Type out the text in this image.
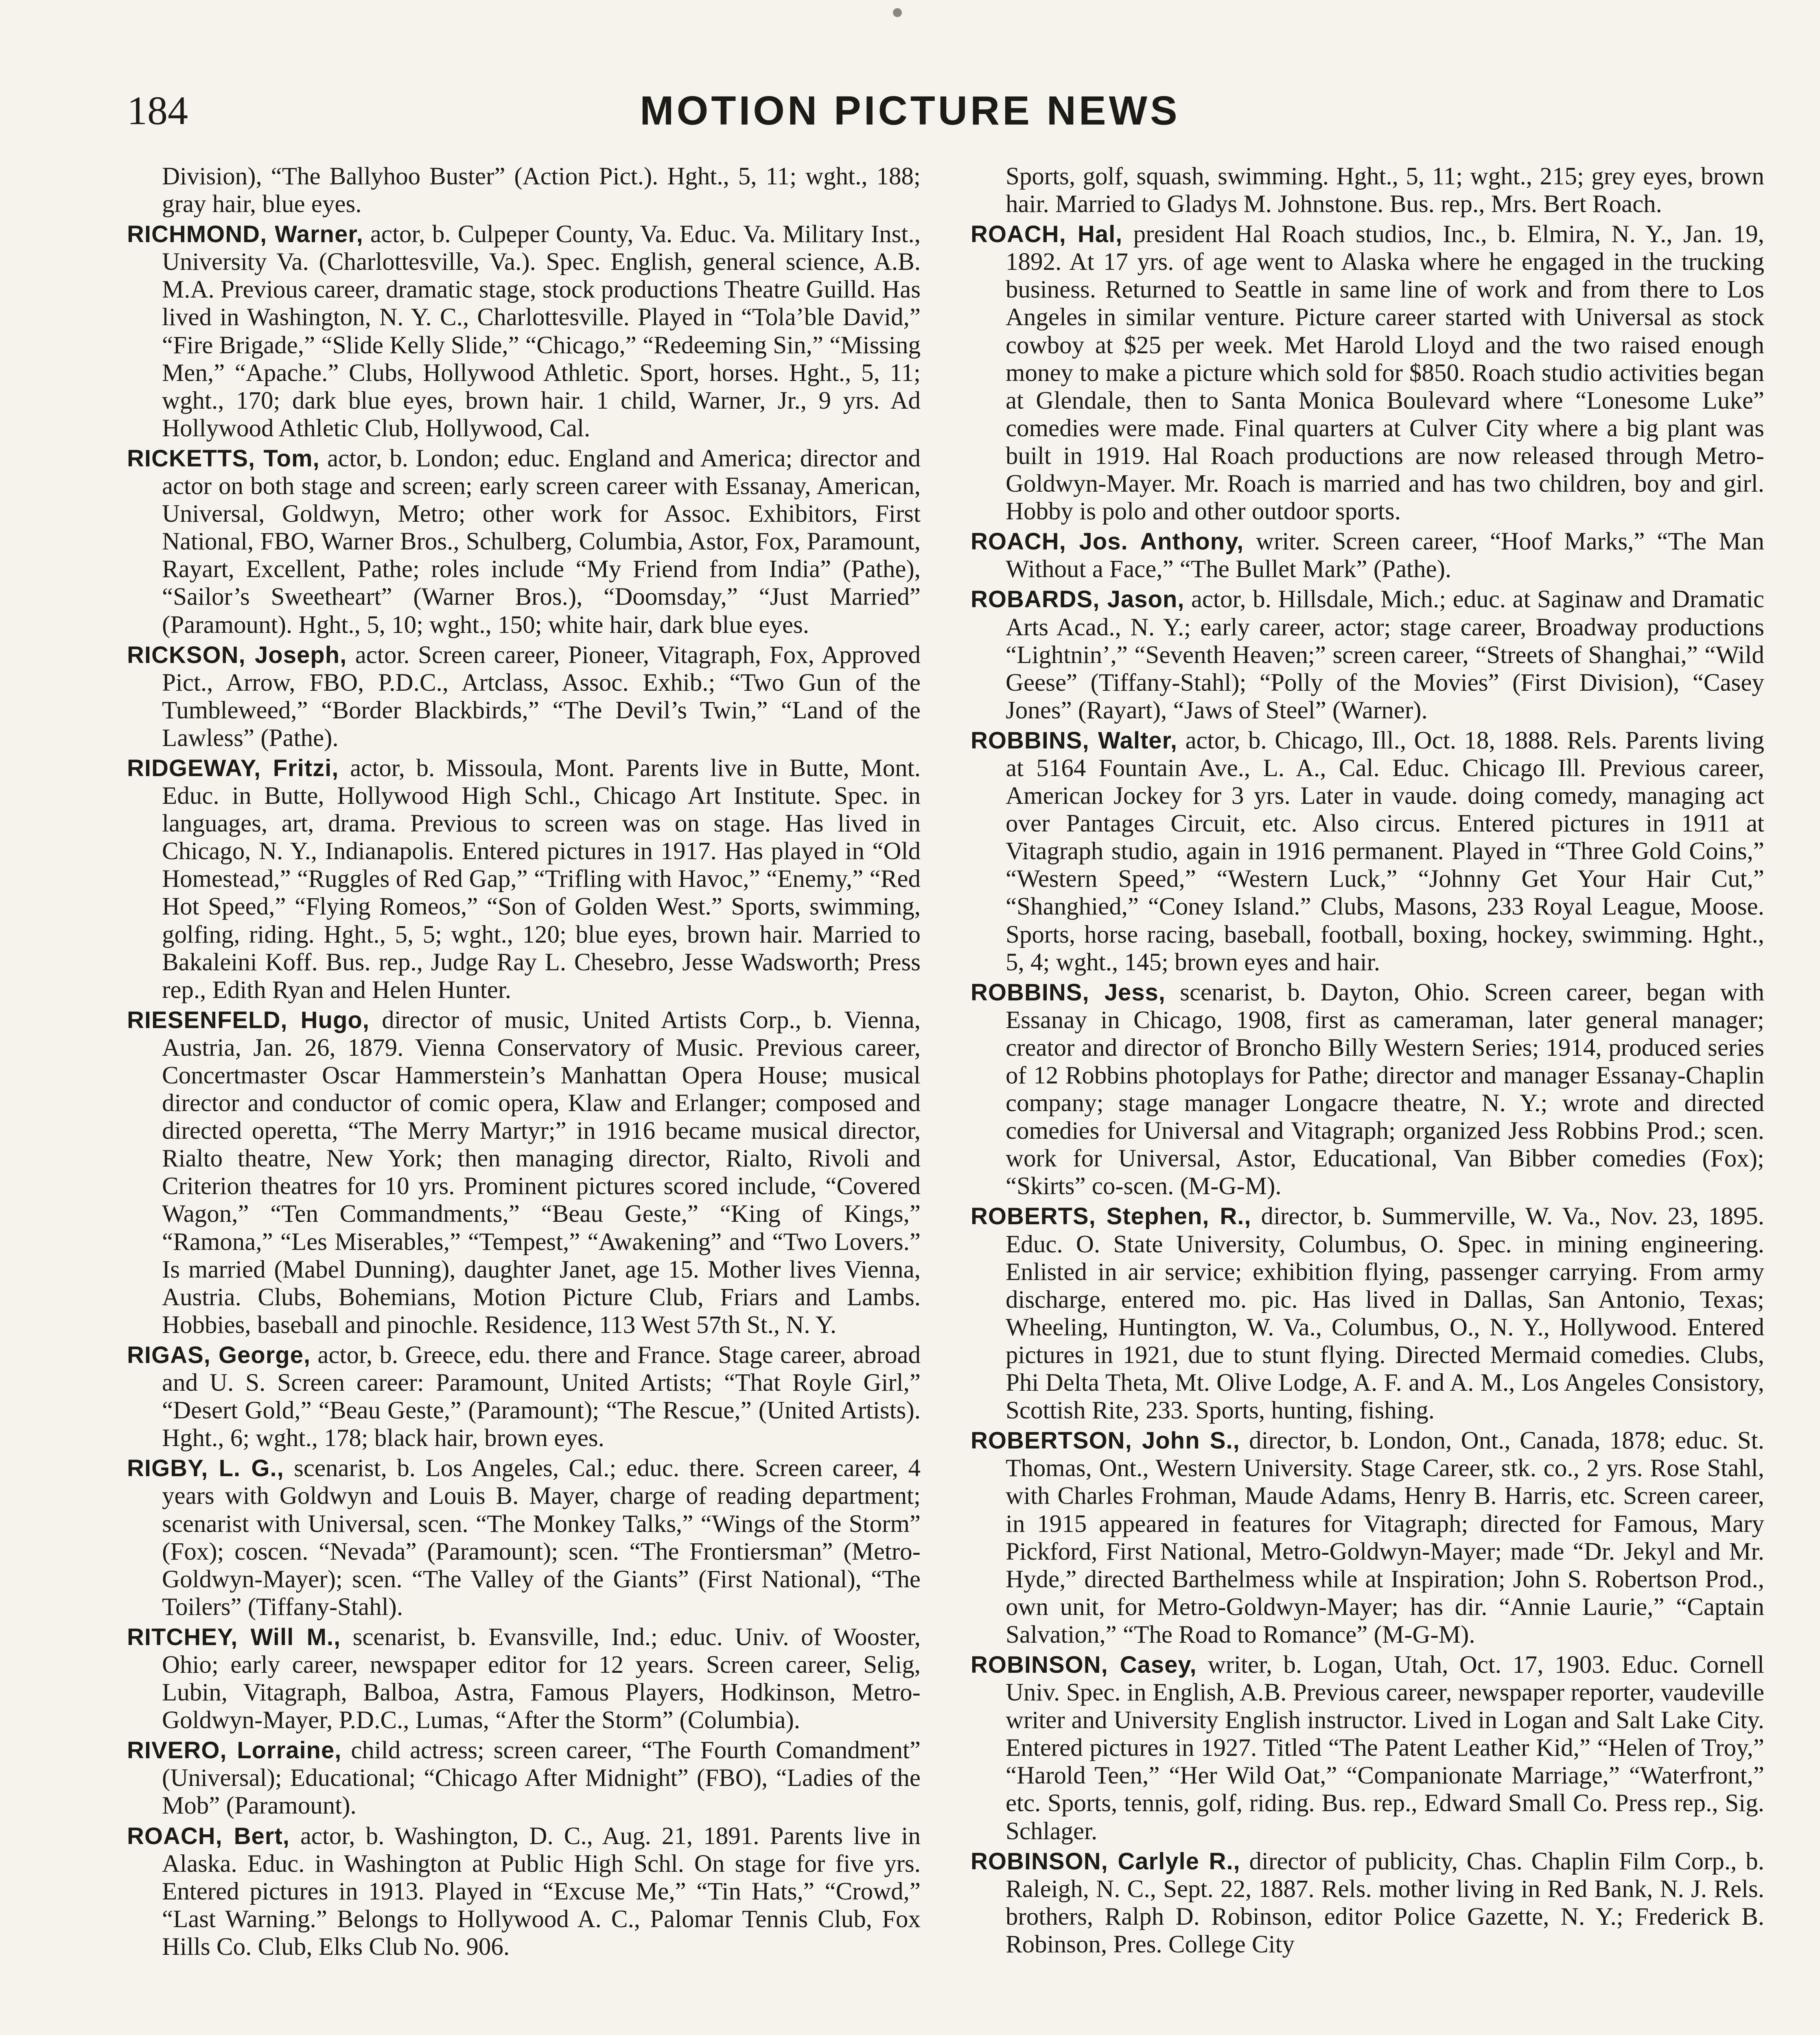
184	MOTION PICTURE NEWS

Division), “The Ballyhoo Buster” (Action Pict.). Hght., 5, 11; wght., 188; gray hair, blue eyes.

RICHMOND, Warner, actor, b. Culpeper County, Va. Educ. Va. Military Inst., University Va. (Charlottesville, Va.). Spec. English, general science, A.B. M.A. Previous career, dramatic stage, stock productions Theatre Guilld. Has lived in Washington, N. Y. C., Charlottesville. Played in “Tola’ble David,” “Fire Brigade,” “Slide Kelly Slide,” “Chicago,” “Redeeming Sin,” “Missing Men,” “Apache.” Clubs, Hollywood Athletic. Sport, horses. Hght., 5, 11; wght., 170; dark blue eyes, brown hair. 1 child, Warner, Jr., 9 yrs. Ad Hollywood Athletic Club, Hollywood, Cal.

RICKETTS, Tom, actor, b. London; educ. England and America; director and actor on both stage and screen; early screen career with Essanay, American, Universal, Goldwyn, Metro; other work for Assoc. Exhibitors, First National, FBO, Warner Bros., Schulberg, Columbia, Astor, Fox, Paramount, Rayart, Excellent, Pathe; roles include “My Friend from India” (Pathe), “Sailor’s Sweetheart” (Warner Bros.), “Doomsday,” “Just Married” (Paramount). Hght., 5, 10; wght., 150; white hair, dark blue eyes.

RICKSON, Joseph, actor. Screen career, Pioneer, Vitagraph, Fox, Approved Pict., Arrow, FBO, P.D.C., Artclass, Assoc. Exhib.; “Two Gun of the Tumbleweed,” “Border Blackbirds,” “The Devil’s Twin,” “Land of the Lawless” (Pathe).

RIDGEWAY, Fritzi, actor, b. Missoula, Mont. Parents live in Butte, Mont. Educ. in Butte, Hollywood High Schl., Chicago Art Institute. Spec. in languages, art, drama. Previous to screen was on stage. Has lived in Chicago, N. Y., Indianapolis. Entered pictures in 1917. Has played in “Old Homestead,” “Ruggles of Red Gap,” “Trifling with Havoc,” “Enemy,” “Red Hot Speed,” “Flying Romeos,” “Son of Golden West.” Sports, swimming, golfing, riding. Hght., 5, 5; wght., 120; blue eyes, brown hair. Married to Bakaleini Koff. Bus. rep., Judge Ray L. Chesebro, Jesse Wadsworth; Press rep., Edith Ryan and Helen Hunter.

RIESENFELD, Hugo, director of music, United Artists Corp., b. Vienna, Austria, Jan. 26, 1879. Vienna Conservatory of Music. Previous career, Concertmaster Oscar Hammerstein’s Manhattan Opera House; musical director and conductor of comic opera, Klaw and Erlanger; composed and directed operetta, “The Merry Martyr;” in 1916 became musical director, Rialto theatre, New York; then managing director, Rialto, Rivoli and Criterion theatres for 10 yrs. Prominent pictures scored include, “Covered Wagon,” “Ten Commandments,” “Beau Geste,” “King of Kings,” “Ramona,” “Les Miserables,” “Tempest,” “Awakening” and “Two Lovers.” Is married (Mabel Dunning), daughter Janet, age 15. Mother lives Vienna, Austria. Clubs, Bohemians, Motion Picture Club, Friars and Lambs. Hobbies, baseball and pinochle. Residence, 113 West 57th St., N. Y.

RIGAS, George, actor, b. Greece, edu. there and France. Stage career, abroad and U. S. Screen career: Paramount, United Artists; “That Royle Girl,” “Desert Gold,” “Beau Geste,” (Paramount); “The Rescue,” (United Artists). Hght., 6; wght., 178; black hair, brown eyes.

RIGBY, L. G., scenarist, b. Los Angeles, Cal.; educ. there. Screen career, 4 years with Goldwyn and Louis B. Mayer, charge of reading department; scenarist with Universal, scen. “The Monkey Talks,” “Wings of the Storm” (Fox); coscen. “Nevada” (Paramount); scen. “The Frontiersman” (Metro-Goldwyn-Mayer); scen. “The Valley of the Giants” (First National), “The Toilers” (Tiffany-Stahl).

RITCHEY, Will M., scenarist, b. Evansville, Ind.; educ. Univ. of Wooster, Ohio; early career, newspaper editor for 12 years. Screen career, Selig, Lubin, Vitagraph, Balboa, Astra, Famous Players, Hodkinson, Metro-Goldwyn-Mayer, P.D.C., Lumas, “After the Storm” (Columbia).

RIVERO, Lorraine, child actress; screen career, “The Fourth Comandment” (Universal); Educational; “Chicago After Midnight” (FBO), “Ladies of the Mob” (Paramount).

ROACH, Bert, actor, b. Washington, D. C., Aug. 21, 1891. Parents live in Alaska. Educ. in Washington at Public High Schl. On stage for five yrs. Entered pictures in 1913. Played in “Excuse Me,” “Tin Hats,” “Crowd,” “Last Warning.” Belongs to Hollywood A. C., Palomar Tennis Club, Fox Hills Co. Club, Elks Club No. 906.

Sports, golf, squash, swimming. Hght., 5, 11; wght., 215; grey eyes, brown hair. Married to Gladys M. Johnstone. Bus. rep., Mrs. Bert Roach.

ROACH, Hal, president Hal Roach studios, Inc., b. Elmira, N. Y., Jan. 19, 1892. At 17 yrs. of age went to Alaska where he engaged in the trucking business. Returned to Seattle in same line of work and from there to Los Angeles in similar venture. Picture career started with Universal as stock cowboy at $25 per week. Met Harold Lloyd and the two raised enough money to make a picture which sold for $850. Roach studio activities began at Glendale, then to Santa Monica Boulevard where “Lonesome Luke” comedies were made. Final quarters at Culver City where a big plant was built in 1919. Hal Roach productions are now released through Metro-Goldwyn-Mayer. Mr. Roach is married and has two children, boy and girl. Hobby is polo and other outdoor sports.

ROACH, Jos. Anthony, writer. Screen career, “Hoof Marks,” “The Man Without a Face,” “The Bullet Mark” (Pathe).

ROBARDS, Jason, actor, b. Hillsdale, Mich.; educ. at Saginaw and Dramatic Arts Acad., N. Y.; early career, actor; stage career, Broadway productions “Lightnin’,” “Seventh Heaven;” screen career, “Streets of Shanghai,” “Wild Geese” (Tiffany-Stahl); “Polly of the Movies” (First Division), “Casey Jones” (Rayart), “Jaws of Steel” (Warner).

ROBBINS, Walter, actor, b. Chicago, Ill., Oct. 18, 1888. Rels. Parents living at 5164 Fountain Ave., L. A., Cal. Educ. Chicago Ill. Previous career, American Jockey for 3 yrs. Later in vaude. doing comedy, managing act over Pantages Circuit, etc. Also circus. Entered pictures in 1911 at Vitagraph studio, again in 1916 permanent. Played in “Three Gold Coins,” “Western Speed,” “Western Luck,” “Johnny Get Your Hair Cut,” “Shanghied,” “Coney Island.” Clubs, Masons, 233 Royal League, Moose. Sports, horse racing, baseball, football, boxing, hockey, swimming. Hght., 5, 4; wght., 145; brown eyes and hair.

ROBBINS, Jess, scenarist, b. Dayton, Ohio. Screen career, began with Essanay in Chicago, 1908, first as cameraman, later general manager; creator and director of Broncho Billy Western Series; 1914, produced series of 12 Robbins photoplays for Pathe; director and manager Essanay-Chaplin company; stage manager Longacre theatre, N. Y.; wrote and directed comedies for Universal and Vitagraph; organized Jess Robbins Prod.; scen. work for Universal, Astor, Educational, Van Bibber comedies (Fox); “Skirts” co-scen. (M-G-M).

ROBERTS, Stephen, R., director, b. Summerville, W. Va., Nov. 23, 1895. Educ. O. State University, Columbus, O. Spec. in mining engineering. Enlisted in air service; exhibition flying, passenger carrying. From army discharge, entered mo. pic. Has lived in Dallas, San Antonio, Texas; Wheeling, Huntington, W. Va., Columbus, O., N. Y., Hollywood. Entered pictures in 1921, due to stunt flying. Directed Mermaid comedies. Clubs, Phi Delta Theta, Mt. Olive Lodge, A. F. and A. M., Los Angeles Consistory, Scottish Rite, 233. Sports, hunting, fishing.

ROBERTSON, John S., director, b. London, Ont., Canada, 1878; educ. St. Thomas, Ont., Western University. Stage Career, stk. co., 2 yrs. Rose Stahl, with Charles Frohman, Maude Adams, Henry B. Harris, etc. Screen career, in 1915 appeared in features for Vitagraph; directed for Famous, Mary Pickford, First National, Metro-Goldwyn-Mayer; made “Dr. Jekyl and Mr. Hyde,” directed Barthelmess while at Inspiration; John S. Robertson Prod., own unit, for Metro-Goldwyn-Mayer; has dir. “Annie Laurie,” “Captain Salvation,” “The Road to Romance” (M-G-M).

ROBINSON, Casey, writer, b. Logan, Utah, Oct. 17, 1903. Educ. Cornell Univ. Spec. in English, A.B. Previous career, newspaper reporter, vaudeville writer and University English instructor. Lived in Logan and Salt Lake City. Entered pictures in 1927. Titled “The Patent Leather Kid,” “Helen of Troy,” “Harold Teen,” “Her Wild Oat,” “Companionate Marriage,” “Waterfront,” etc. Sports, tennis, golf, riding. Bus. rep., Edward Small Co. Press rep., Sig. Schlager.

ROBINSON, Carlyle R., director of publicity, Chas. Chaplin Film Corp., b. Raleigh, N. C., Sept. 22, 1887. Rels. mother living in Red Bank, N. J. Rels. brothers, Ralph D. Robinson, editor Police Gazette, N. Y.; Frederick B. Robinson, Pres. College City
